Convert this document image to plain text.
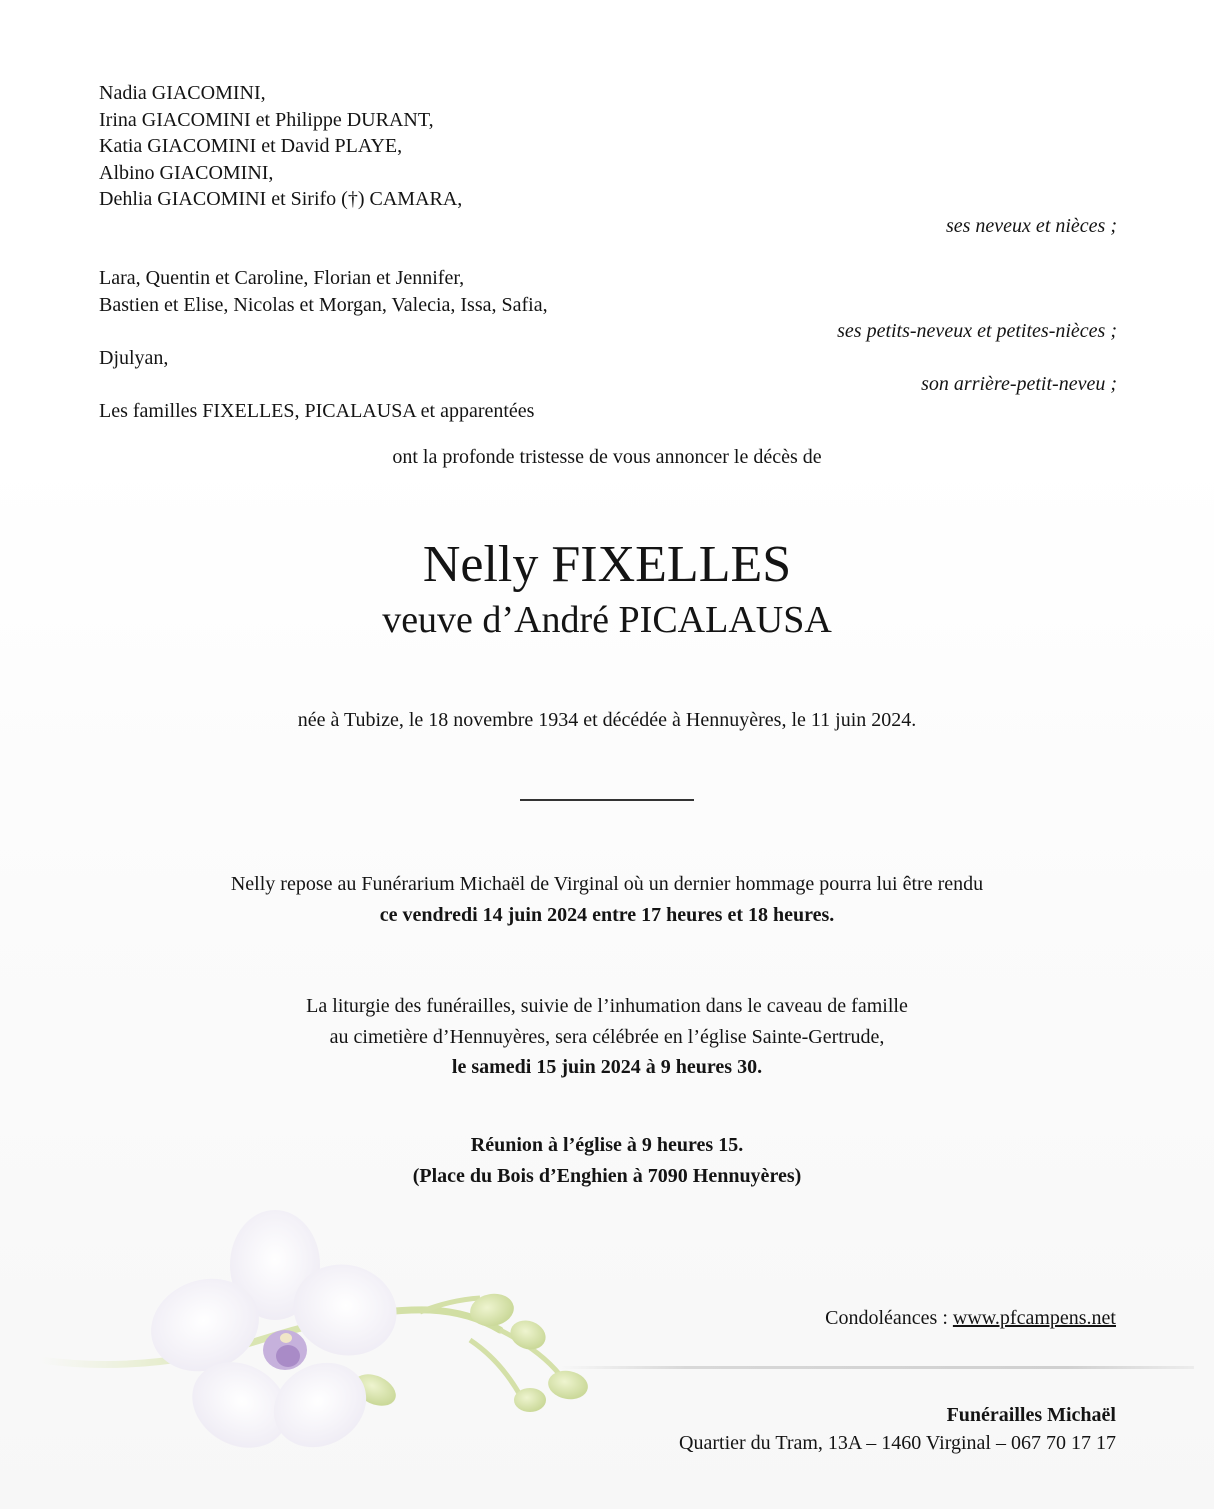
Nadia GIACOMINI,
Irina GIACOMINI et Philippe DURANT,
Katia GIACOMINI et David PLAYE,
Albino GIACOMINI,
Dehlia GIACOMINI et Sirifo (†) CAMARA,
ses neveux et nièces ;
Lara, Quentin et Caroline, Florian et Jennifer,
Bastien et Elise, Nicolas et Morgan, Valecia, Issa, Safia,
ses petits-neveux et petites-nièces ;
Djulyan,
son arrière-petit-neveu ;
Les familles FIXELLES, PICALAUSA et apparentées
ont la profonde tristesse de vous annoncer le décès de
Nelly FIXELLES
veuve d’André PICALAUSA
née à Tubize, le 18 novembre 1934 et décédée à Hennuyères, le 11 juin 2024.
Nelly repose au Funérarium Michaël de Virginal où un dernier hommage pourra lui être rendu
ce vendredi 14 juin 2024 entre 17 heures et 18 heures.
La liturgie des funérailles, suivie de l’inhumation dans le caveau de famille
au cimetière d’Hennuyères, sera célébrée en l’église Sainte-Gertrude,
le samedi 15 juin 2024 à 9 heures 30.
Réunion à l’église à 9 heures 15.
(Place du Bois d’Enghien à 7090 Hennuyères)
Condoléances : www.pfcampens.net
Funérailles Michaël
Quartier du Tram, 13A – 1460 Virginal – 067 70 17 17
